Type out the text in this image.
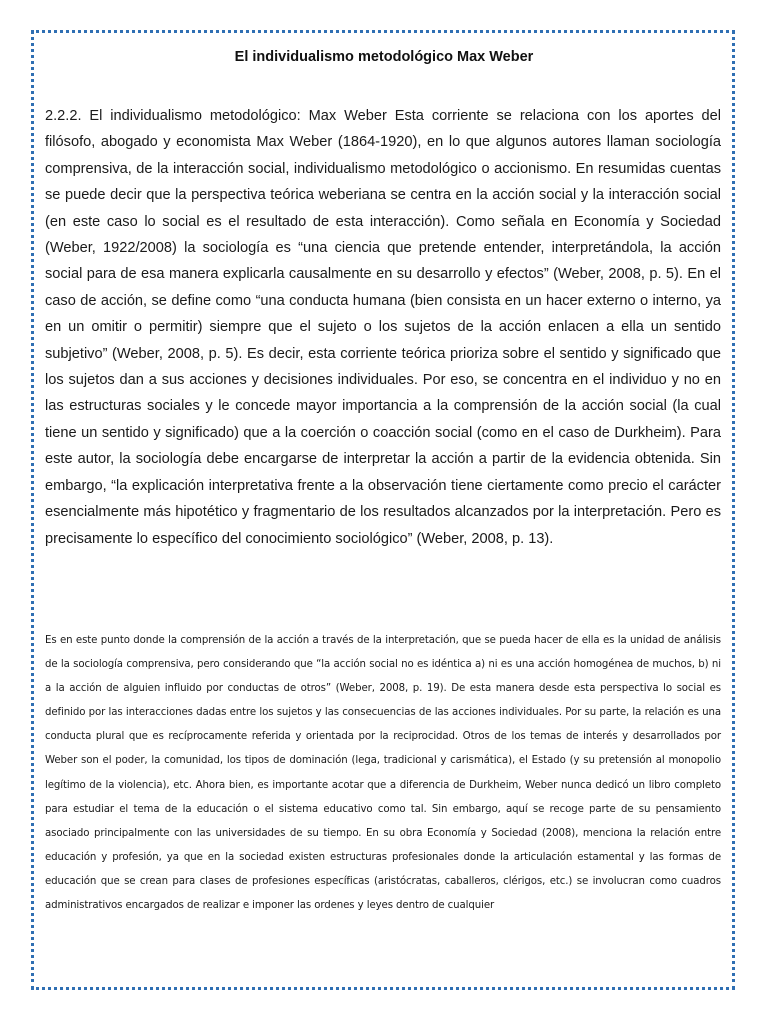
El individualismo metodológico Max Weber

2.2.2. El individualismo metodológico: Max Weber Esta corriente se relaciona con los aportes del filósofo, abogado y economista Max Weber (1864-1920), en lo que algunos autores llaman sociología comprensiva, de la interacción social, individualismo metodológico o accionismo. En resumidas cuentas se puede decir que la perspectiva teórica weberiana se centra en la acción social y la interacción social (en este caso lo social es el resultado de esta interacción). Como señala en Economía y Sociedad (Weber, 1922/2008) la sociología es “una ciencia que pretende entender, interpretándola, la acción social para de esa manera explicarla causalmente en su desarrollo y efectos” (Weber, 2008, p. 5). En el caso de acción, se define como “una conducta humana (bien consista en un hacer externo o interno, ya en un omitir o permitir) siempre que el sujeto o los sujetos de la acción enlacen a ella un sentido subjetivo” (Weber, 2008, p. 5). Es decir, esta corriente teórica prioriza sobre el sentido y significado que los sujetos dan a sus acciones y decisiones individuales. Por eso, se concentra en el individuo y no en las estructuras sociales y le concede mayor importancia a la comprensión de la acción social (la cual tiene un sentido y significado) que a la coerción o coacción social (como en el caso de Durkheim). Para este autor, la sociología debe encargarse de interpretar la acción a partir de la evidencia obtenida. Sin embargo, “la explicación interpretativa frente a la observación tiene ciertamente como precio el carácter esencialmente más hipotético y fragmentario de los resultados alcanzados por la interpretación. Pero es precisamente lo específico del conocimiento sociológico” (Weber, 2008, p. 13).

Es en este punto donde la comprensión de la acción a través de la interpretación, que se pueda hacer de ella es la unidad de análisis de la sociología comprensiva, pero considerando que “la acción social no es idéntica a) ni es una acción homogénea de muchos, b) ni a la acción de alguien influido por conductas de otros” (Weber, 2008, p. 19). De esta manera desde esta perspectiva lo social es definido por las interacciones dadas entre los sujetos y las consecuencias de las acciones individuales. Por su parte, la relación es una conducta plural que es recíprocamente referida y orientada por la reciprocidad. Otros de los temas de interés y desarrollados por Weber son el poder, la comunidad, los tipos de dominación (lega, tradicional y carismática), el Estado (y su pretensión al monopolio legítimo de la violencia), etc. Ahora bien, es importante acotar que a diferencia de Durkheim, Weber nunca dedicó un libro completo para estudiar el tema de la educación o el sistema educativo como tal. Sin embargo, aquí se recoge parte de su pensamiento asociado principalmente con las universidades de su tiempo. En su obra Economía y Sociedad (2008), menciona la relación entre educación y profesión, ya que en la sociedad existen estructuras profesionales donde la articulación estamental y las formas de educación que se crean para clases de profesiones específicas (aristócratas, caballeros, clérigos, etc.) se involucran como cuadros administrativos encargados de realizar e imponer las ordenes y leyes dentro de cualquier
